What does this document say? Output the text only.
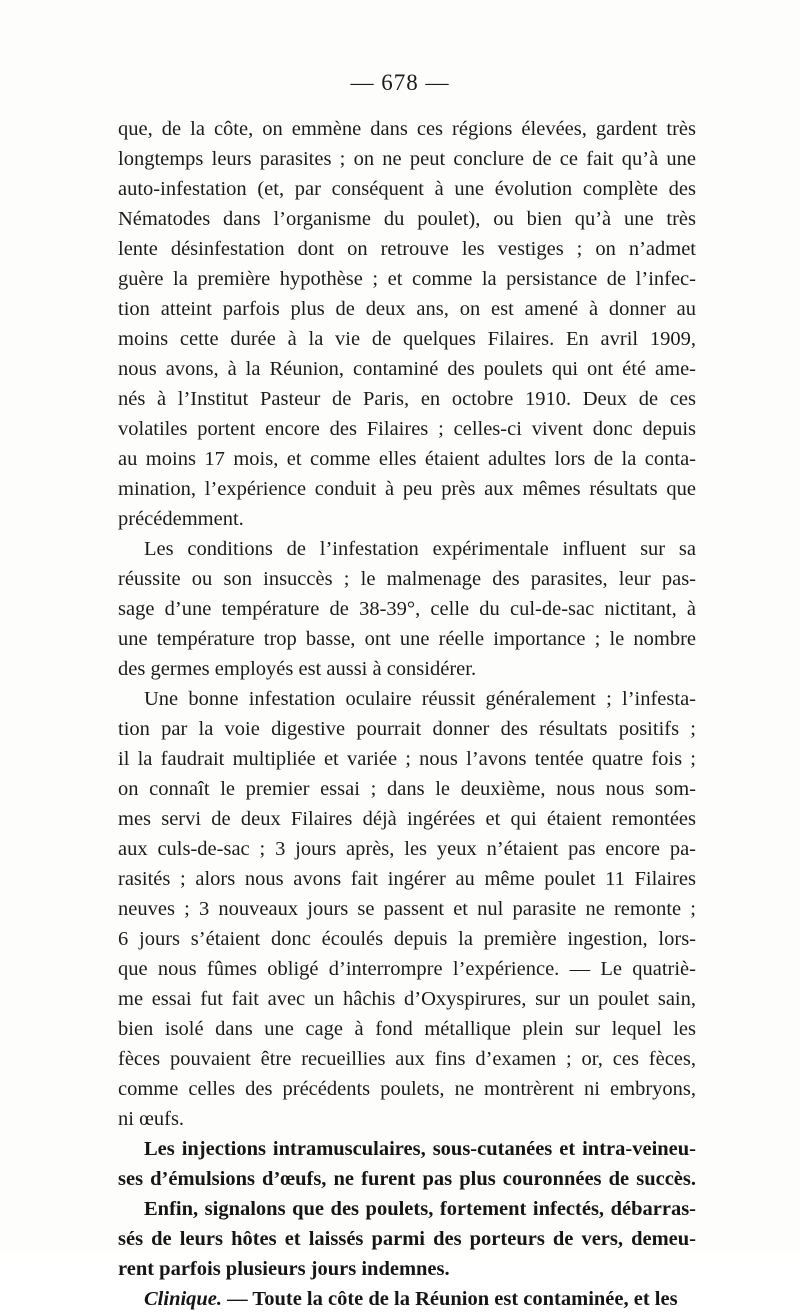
— 678 —
que, de la côte, on emmène dans ces régions élevées, gardent très
longtemps leurs parasites ; on ne peut conclure de ce fait qu’à une
auto-infestation (et, par conséquent à une évolution complète des
Nématodes dans l’organisme du poulet), ou bien qu’à une très
lente désinfestation dont on retrouve les vestiges ; on n’admet
guère la première hypothèse ; et comme la persistance de l’infec-
tion atteint parfois plus de deux ans, on est amené à donner au
moins cette durée à la vie de quelques Filaires. En avril 1909,
nous avons, à la Réunion, contaminé des poulets qui ont été ame-
nés à l’Institut Pasteur de Paris, en octobre 1910. Deux de ces
volatiles portent encore des Filaires ; celles-ci vivent donc depuis
au moins 17 mois, et comme elles étaient adultes lors de la conta-
mination, l’expérience conduit à peu près aux mêmes résultats que
précédemment.
Les conditions de l’infestation expérimentale influent sur sa
réussite ou son insuccès ; le malmenage des parasites, leur pas-
sage d’une température de 38-39°, celle du cul-de-sac nictitant, à
une température trop basse, ont une réelle importance ; le nombre
des germes employés est aussi à considérer.
Une bonne infestation oculaire réussit généralement ; l’infesta-
tion par la voie digestive pourrait donner des résultats positifs ;
il la faudrait multipliée et variée ; nous l’avons tentée quatre fois ;
on connaît le premier essai ; dans le deuxième, nous nous som-
mes servi de deux Filaires déjà ingérées et qui étaient remontées
aux culs-de-sac ; 3 jours après, les yeux n’étaient pas encore pa-
rasités ; alors nous avons fait ingérer au même poulet 11 Filaires
neuves ; 3 nouveaux jours se passent et nul parasite ne remonte ;
6 jours s’étaient donc écoulés depuis la première ingestion, lors-
que nous fûmes obligé d’interrompre l’expérience. — Le quatriè-
me essai fut fait avec un hâchis d’Oxyspirures, sur un poulet sain,
bien isolé dans une cage à fond métallique plein sur lequel les
fèces pouvaient être recueillies aux fins d’examen ; or, ces fèces,
comme celles des précédents poulets, ne montrèrent ni embryons,
ni œufs.
Les injections intramusculaires, sous-cutanées et intra-veineu-
ses d’émulsions d’œufs, ne furent pas plus couronnées de succès.
Enfin, signalons que des poulets, fortement infectés, débarras-
sés de leurs hôtes et laissés parmi des porteurs de vers, demeu-
rent parfois plusieurs jours indemnes.
Clinique. — Toute la côte de la Réunion est contaminée, et les
